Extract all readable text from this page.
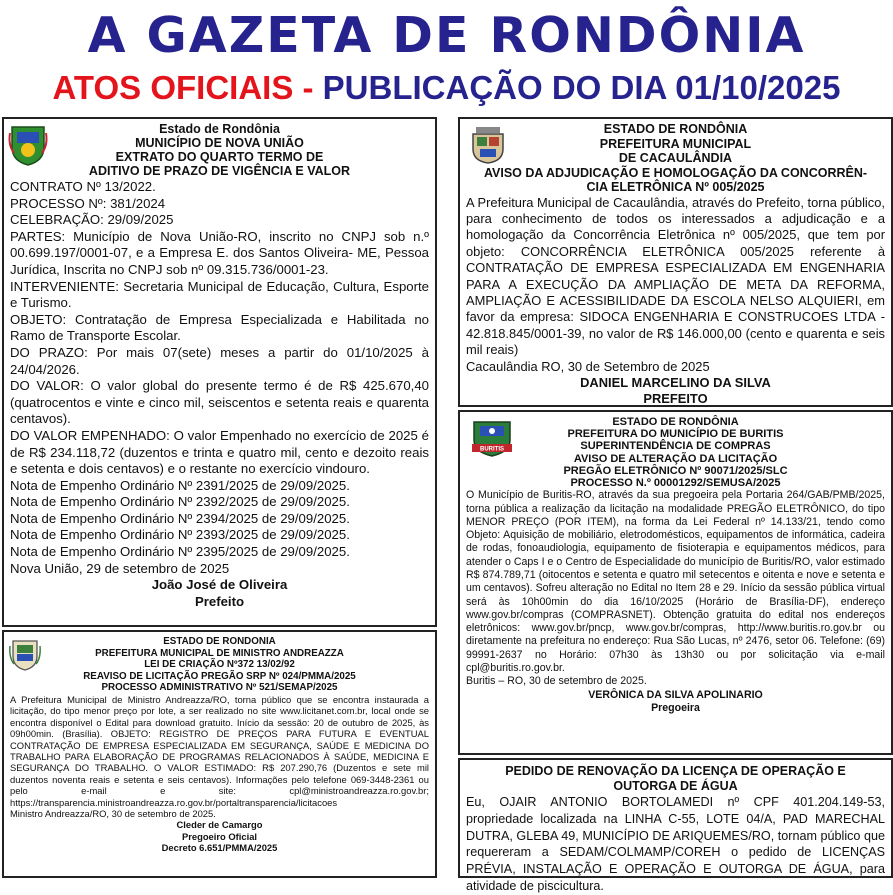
A GAZETA DE RONDÔNIA
ATOS OFICIAIS - PUBLICAÇÃO DO DIA 01/10/2025
Estado de Rondônia
MUNICÍPIO DE NOVA UNIÃO
EXTRATO DO QUARTO TERMO DE
ADITIVO DE PRAZO DE VIGÊNCIA E VALOR

CONTRATO Nº 13/2022.

PROCESSO Nº: 381/2024

CELEBRAÇÃO: 29/09/2025

PARTES: Município de Nova União-RO, inscrito no CNPJ sob n.º 00.699.197/0001-07, e a Empresa E. dos Santos Oliveira- ME, Pessoa Jurídica, Inscrita no CNPJ sob nº 09.315.736/0001-23.

INTERVENIENTE: Secretaria Municipal de Educação, Cultura, Esporte e Turismo.

OBJETO: Contratação de Empresa Especializada e Habilitada no Ramo de Transporte Escolar.

DO PRAZO: Por mais 07(sete) meses a partir do 01/10/2025 à 24/04/2026.

DO VALOR: O valor global do presente termo é de R$ 425.670,40 (quatrocentos e vinte e cinco mil, seiscentos e setenta reais e quarenta centavos).

DO VALOR EMPENHADO: O valor Empenhado no exercício de 2025 é de R$ 234.118,72 (duzentos e trinta e quatro mil, cento e dezoito reais e setenta e dois centavos) e o restante no exercício vindouro.

Nota de Empenho Ordinário Nº 2391/2025 de 29/09/2025.

Nota de Empenho Ordinário Nº 2392/2025 de 29/09/2025.

Nota de Empenho Ordinário Nº 2394/2025 de 29/09/2025.

Nota de Empenho Ordinário Nº 2393/2025 de 29/09/2025.

Nota de Empenho Ordinário Nº 2395/2025 de 29/09/2025.

Nova União, 29 de setembro de 2025

João José de Oliveira

Prefeito

ESTADO DE RONDÔNIA
PREFEITURA MUNICIPAL
DE CACAULÂNDIA
AVISO DA ADJUDICAÇÃO E HOMOLOGAÇÃO DA CONCORRÊN-
CIA ELETRÔNICA Nº 005/2025

A Prefeitura Municipal de Cacaulândia, através do Prefeito, torna público, para conhecimento de todos os interessados a adjudicação e a homologação da Concorrência Eletrônica nº 005/2025, que tem por objeto: CONCORRÊNCIA ELETRÔNICA 005/2025 referente à CONTRATAÇÃO DE EMPRESA ESPECIALIZADA EM ENGENHARIA PARA A EXECUÇÃO DA AMPLIAÇÃO DE META DA REFORMA, AMPLIAÇÃO E ACESSIBILIDADE DA ESCOLA NELSO ALQUIERI, em favor da empresa: SIDOCA ENGENHARIA E CONSTRUCOES LTDA - 42.818.845/0001-39, no valor de R$ 146.000,00 (cento e quarenta e seis mil reais)

Cacaulândia RO, 30 de Setembro de 2025

DANIEL MARCELINO DA SILVA

PREFEITO

BURITIS
ESTADO DE RONDÔNIA
PREFEITURA DO MUNICÍPIO DE BURITIS
SUPERINTENDÊNCIA DE COMPRAS
AVISO DE ALTERAÇÃO DA LICITAÇÃO
PREGÃO ELETRÔNICO Nº 90071/2025/SLC
PROCESSO N.º 00001292/SEMUSA/2025

O Município de Buritis-RO, através da sua pregoeira pela Portaria 264/GAB/PMB/2025, torna pública a realização da licitação na modalidade PREGÃO ELETRÔNICO, do tipo MENOR PREÇO (POR ITEM), na forma da Lei Federal nº 14.133/21, tendo como Objeto: Aquisição de mobiliário, eletrodomésticos, equipamentos de informática, cadeira de rodas, fonoaudiologia, equipamento de fisioterapia e equipamentos médicos, para atender o Caps I e o Centro de Especialidade do município de Buritis/RO, valor estimado R$ 874.789,71 (oitocentos e setenta e quatro mil setecentos e oitenta e nove e setenta e um centavos). Sofreu alteração no Edital no Item 28 e 29. Início da sessão pública virtual será às 10h00min do dia 16/10/2025 (Horário de Brasília-DF), endereço www.gov.br/compras (COMPRASNET). Obtenção gratuita do edital nos endereços eletrônicos: www.gov.br/pncp, www.gov.br/compras, http://www.buritis.ro.gov.br ou diretamente na prefeitura no endereço: Rua São Lucas, nº 2476, setor 06. Telefone: (69) 99991-2637 no Horário: 07h30 às 13h30 ou por solicitação via e-mail cpl@buritis.ro.gov.br.

Buritis – RO, 30 de setembro de 2025.

VERÔNICA DA SILVA APOLINARIO

Pregoeira

PEDIDO DE RENOVAÇÃO DA LICENÇA DE OPERAÇÃO E
OUTORGA DE ÁGUA

Eu, OJAIR ANTONIO BORTOLAMEDI nº CPF 401.204.149-53, propriedade localizada na LINHA C-55, LOTE 04/A, PAD MARECHAL DUTRA, GLEBA 49, MUNICÍPIO DE ARIQUEMES/RO, tornam público que requereram a SEDAM/COLMAMP/COREH o pedido de LICENÇAS PRÉVIA, INSTALAÇÃO E OPERAÇÃO E OUTORGA DE ÁGUA, para atividade de piscicultura.

ESTADO DE RONDONIA
PREFEITURA MUNICIPAL DE MINISTRO ANDREAZZA
LEI DE CRIAÇÃO Nº372 13/02/92
REAVISO DE LICITAÇÃO PREGÃO SRP Nº 024/PMMA/2025
PROCESSO ADMINISTRATIVO Nº 521/SEMAP/2025

A Prefeitura Municipal de Ministro Andreazza/RO, torna público que se encontra instaurada a licitação, do tipo menor preço por lote, a ser realizado no site www.licitanet.com.br, local onde se encontra disponível o Edital para download gratuito. Início da sessão: 20 de outubro de 2025, às 09h00min. (Brasília). OBJETO: REGISTRO DE PREÇOS PARA FUTURA E EVENTUAL CONTRATAÇÃO DE EMPRESA ESPECIALIZADA EM SEGURANÇA, SAÚDE E MEDICINA DO TRABALHO PARA ELABORAÇÃO DE PROGRAMAS RELACIONADOS À SAÚDE, MEDICINA E SEGURANÇA DO TRABALHO. O VALOR ESTIMADO: R$ 207.290,76 (Duzentos e sete mil duzentos noventa reais e setenta e seis centavos). Informações pelo telefone 069-3448-2361 ou pelo e-mail e site: cpl@ministroandreazza.ro.gov.br; https://transparencia.ministroandreazza.ro.gov.br/portaltransparencia/licitacoes

Ministro Andreazza/RO, 30 de setembro de 2025.

Cleder de Camargo

Pregoeiro Oficial

Decreto 6.651/PMMA/2025
